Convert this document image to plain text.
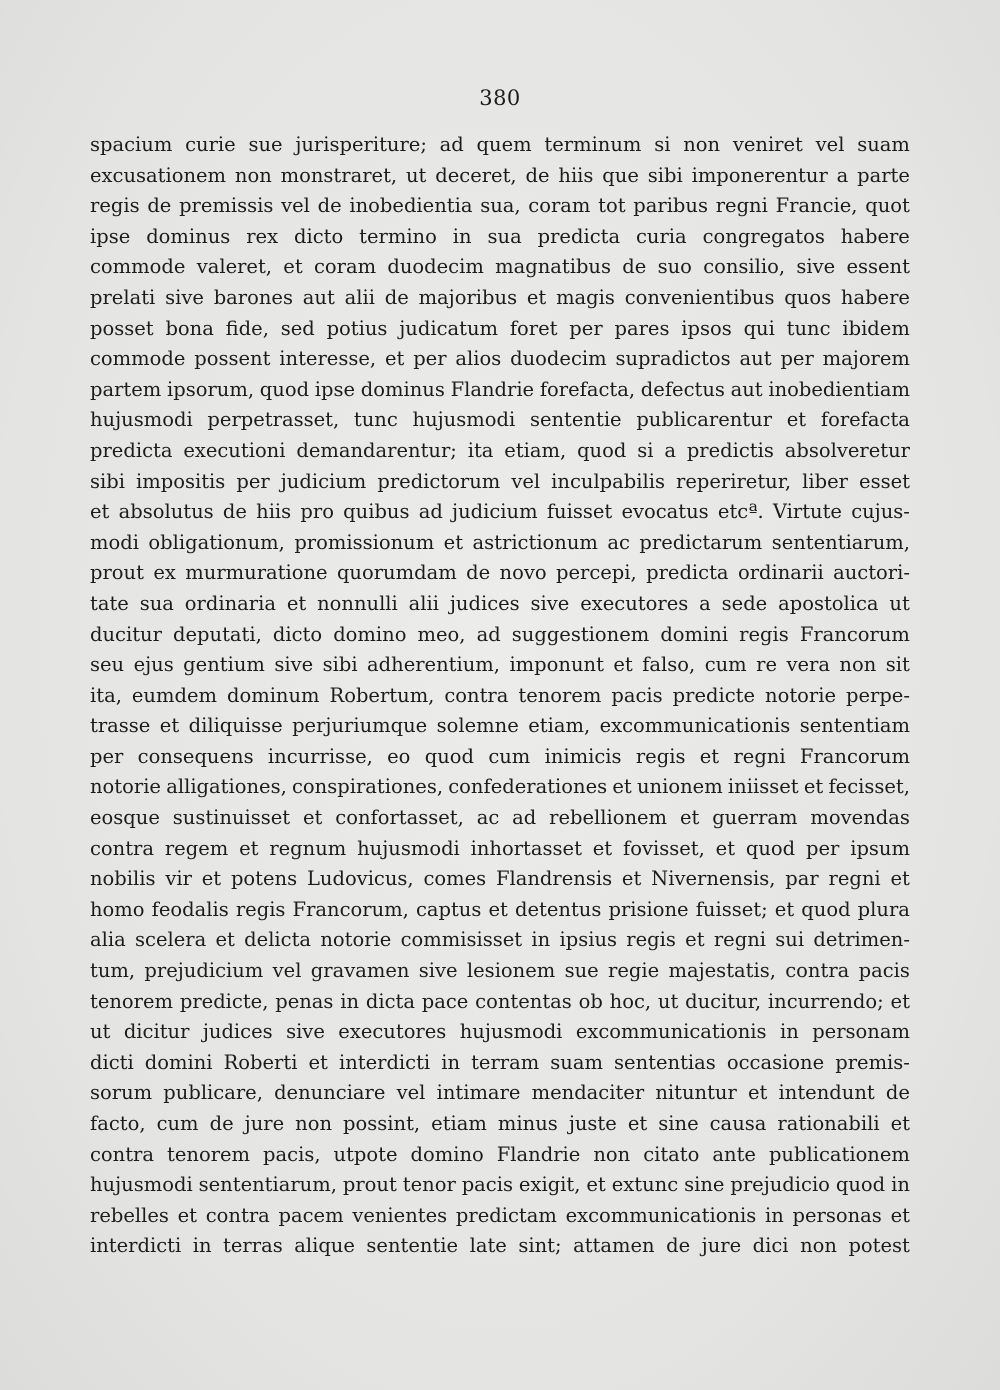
380
spacium curie sue jurisperiture; ad quem terminum si non veniret vel suam
excusationem non monstraret, ut deceret, de hiis que sibi imponerentur a parte
regis de premissis vel de inobedientia sua, coram tot paribus regni Francie, quot
ipse dominus rex dicto termino in sua predicta curia congregatos habere
commode valeret, et coram duodecim magnatibus de suo consilio, sive essent
prelati sive barones aut alii de majoribus et magis convenientibus quos habere
posset bona fide, sed potius judicatum foret per pares ipsos qui tunc ibidem
commode possent interesse, et per alios duodecim supradictos aut per majorem
partem ipsorum, quod ipse dominus Flandrie forefacta, defectus aut inobedientiam
hujusmodi perpetrasset, tunc hujusmodi sententie publicarentur et forefacta
predicta executioni demandarentur; ita etiam, quod si a predictis absolveretur
sibi impositis per judicium predictorum vel inculpabilis reperiretur, liber esset
et absolutus de hiis pro quibus ad judicium fuisset evocatus etcª. Virtute cujus-
modi obligationum, promissionum et astrictionum ac predictarum sententiarum,
prout ex murmuratione quorumdam de novo percepi, predicta ordinarii auctori-
tate sua ordinaria et nonnulli alii judices sive executores a sede apostolica ut
ducitur deputati, dicto domino meo, ad suggestionem domini regis Francorum
seu ejus gentium sive sibi adherentium, imponunt et falso, cum re vera non sit
ita, eumdem dominum Robertum, contra tenorem pacis predicte notorie perpe-
trasse et diliquisse perjuriumque solemne etiam, excommunicationis sententiam
per consequens incurrisse, eo quod cum inimicis regis et regni Francorum
notorie alligationes, conspirationes, confederationes et unionem iniisset et fecisset,
eosque sustinuisset et confortasset, ac ad rebellionem et guerram movendas
contra regem et regnum hujusmodi inhortasset et fovisset, et quod per ipsum
nobilis vir et potens Ludovicus, comes Flandrensis et Nivernensis, par regni et
homo feodalis regis Francorum, captus et detentus prisione fuisset; et quod plura
alia scelera et delicta notorie commisisset in ipsius regis et regni sui detrimen-
tum, prejudicium vel gravamen sive lesionem sue regie majestatis, contra pacis
tenorem predicte, penas in dicta pace contentas ob hoc, ut ducitur, incurrendo; et
ut dicitur judices sive executores hujusmodi excommunicationis in personam
dicti domini Roberti et interdicti in terram suam sententias occasione premis-
sorum publicare, denunciare vel intimare mendaciter nituntur et intendunt de
facto, cum de jure non possint, etiam minus juste et sine causa rationabili et
contra tenorem pacis, utpote domino Flandrie non citato ante publicationem
hujusmodi sententiarum, prout tenor pacis exigit, et extunc sine prejudicio quod in
rebelles et contra pacem venientes predictam excommunicationis in personas et
interdicti in terras alique sententie late sint; attamen de jure dici non potest
